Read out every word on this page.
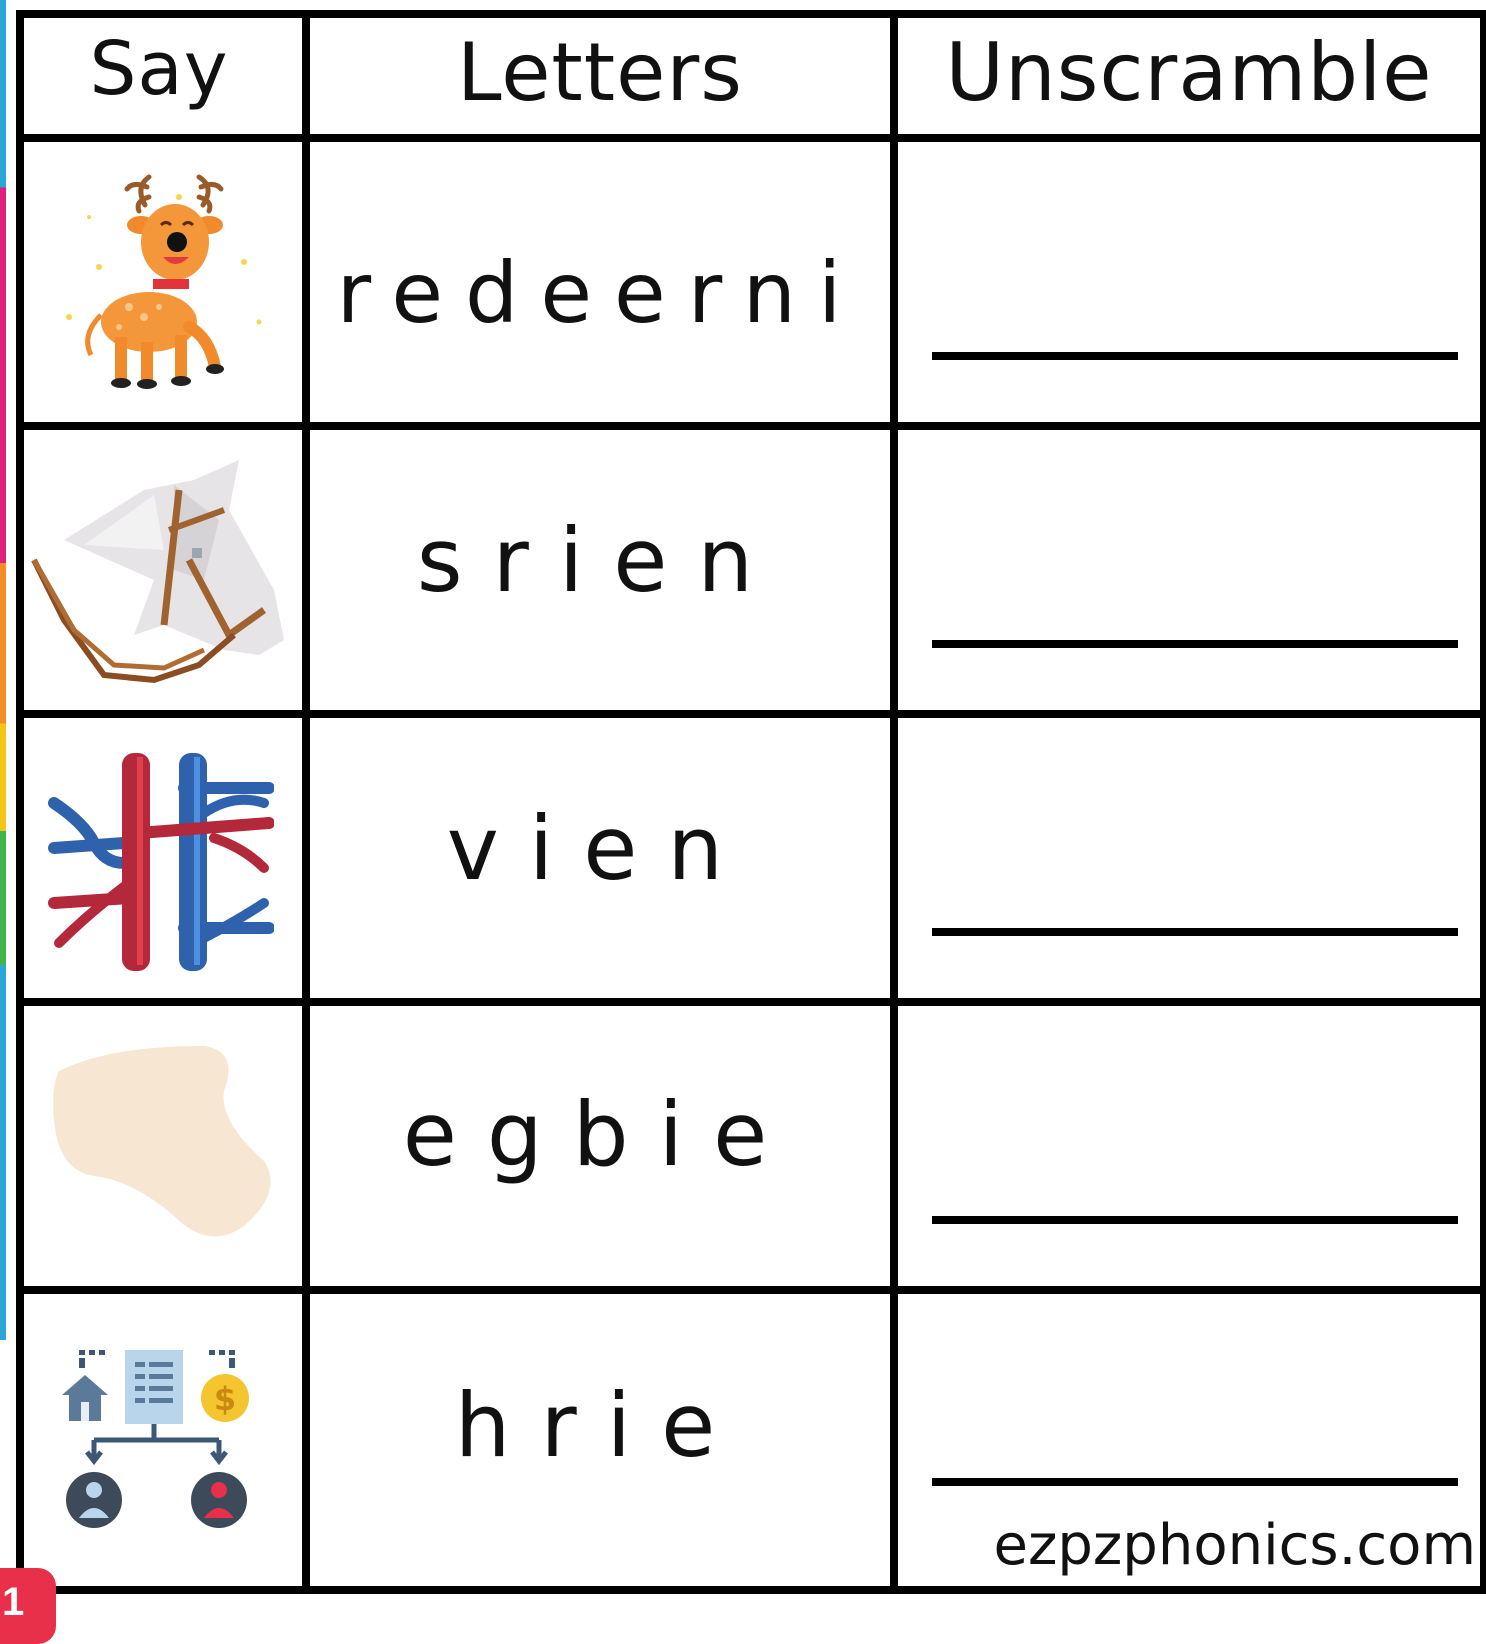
Say	Letters	Unscramble
redeerni
srien
vien
egbie
$ hrie
ezpzphonics.com
1
